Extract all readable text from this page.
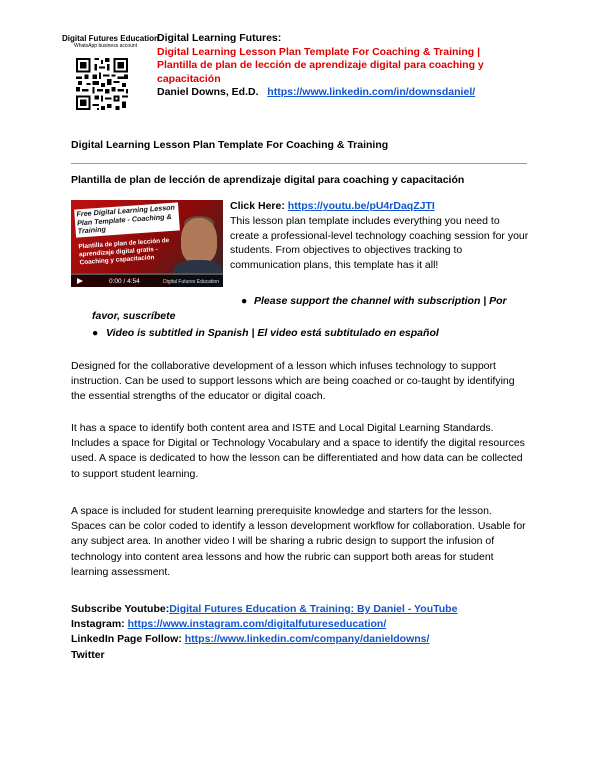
Digital Futures Education
WhatsApp business account
Digital Learning Futures:
Digital Learning Lesson Plan Template For Coaching & Training |
Plantilla de plan de lección de aprendizaje digital para coaching y
capacitación
Daniel Downs, Ed.D. https://www.linkedin.com/in/downsdaniel/
Digital Learning Lesson Plan Template For Coaching & Training
Plantilla de plan de lección de aprendizaje digital para coaching y capacitación
Free Digital Learning Lesson Plan Template - Coaching & Training
Plantilla de plan de lección de aprendizaje digital gratis - Coaching y capacitación
0:00 / 4:54	Digital Futures Education
Click Here: https://youtu.be/pU4rDaqZJTI
This lesson plan template includes everything you need to create a professional-level technology coaching session for your students. From objectives to objectives tracking to communication plans, this template has it all!
● Please support the channel with subscription | Por
favor, suscríbete
● Video is subtitled in Spanish | El video está subtitulado en español
Designed for the collaborative development of a lesson which infuses technology to support instruction. Can be used to support lessons which are being coached or co-taught by identifying the essential strengths of the educator or digital coach.
It has a space to identify both content area and ISTE and Local Digital Learning Standards. Includes a space for Digital or Technology Vocabulary and a space to identify the digital resources used. A space is dedicated to how the lesson can be differentiated and how data can be collected to support student learning.
A space is included for student learning prerequisite knowledge and starters for the lesson. Spaces can be color coded to identify a lesson development workflow for collaboration. Usable for any subject area. In another video I will be sharing a rubric design to support the infusion of technology into content area lessons and how the rubric can support both areas for student learning assessment.
Subscribe Youtube:Digital Futures Education & Training: By Daniel - YouTube
Instagram: https://www.instagram.com/digitalfutureseducation/
LinkedIn Page Follow: https://www.linkedin.com/company/danieldowns/
Twitter
